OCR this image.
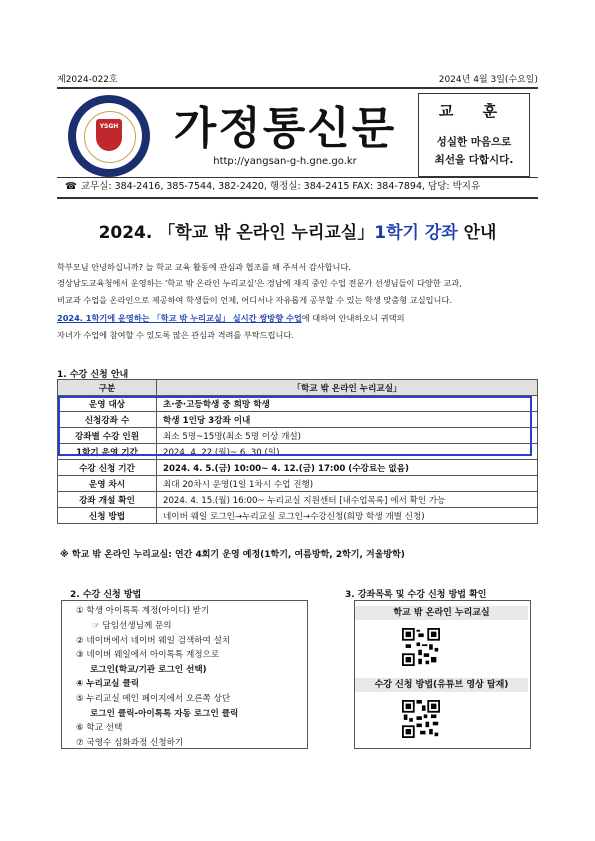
제2024-022호	2024년 4월 3일(수요일)
YSGH 가정통신문
http://yangsan-g-h.gne.go.kr
교 훈
성실한 마음으로
최선을 다합시다.
☎ 교무실: 384-2416, 385-7544, 382-2420, 행정실: 384-2415 FAX: 384-7894, 담당: 박지유
2024. 「학교 밖 온라인 누리교실」1학기 강좌 안내
학부모님 안녕하십니까? 늘 학교 교육 활동에 관심과 협조를 해 주셔서 감사합니다.
경상남도교육청에서 운영하는 '학교 밖 온라인 누리교실'은 경남에 재직 중인 수업 전문가 선생님들이 다양한 교과,
비교과 수업을 온라인으로 제공하여 학생들이 언제, 어디서나 자유롭게 공부할 수 있는 학생 맞춤형 교실입니다.
2024. 1학기에 운영하는 「학교 밖 누리교실」 실시간 쌍방향 수업에 대하여 안내하오니 귀댁의
자녀가 수업에 참여할 수 있도록 많은 관심과 격려를 부탁드립니다.
1. 수강 신청 안내
구분	「학교 밖 온라인 누리교실」
운영 대상	초·중·고등학생 중 희망 학생
신청강좌 수	학생 1인당 3강좌 이내
강좌별 수강 인원	최소 5명~15명(최소 5명 이상 개설)
1학기 운영 기간	2024. 4. 22.(월)~ 6. 30.(일)
수강 신청 기간	2024. 4. 5.(금) 10:00~ 4. 12.(금) 17:00 (수강료는 없음)
운영 차시	최대 20차시 운영(1일 1차시 수업 진행)
강좌 개설 확인	2024. 4. 15.(월) 16:00~ 누리교실 지원센터 [내수업목록] 에서 확인 가능
신청 방법	네이버 웨일 로그인→누리교실 로그인→수강신청(희망 학생 개별 신청)
※ 학교 밖 온라인 누리교실: 연간 4회기 운영 예정(1학기, 여름방학, 2학기, 겨울방학)
2. 수강 신청 방법	3. 강좌목록 및 수강 신청 방법 확인
① 학생 아이톡톡 계정(아이디) 받기
☞ 담임선생님께 문의
② 네이버에서 네이버 웨일 검색하여 설치
③ 네이버 웨일에서 아이톡톡 계정으로
로그인(학교/기관 로그인 선택)
④ 누리교실 클릭
⑤ 누리교실 메인 페이지에서 오른쪽 상단
로그인 클릭-아이톡톡 자동 로그인 클릭
⑥ 학교 선택
⑦ 국영수 심화과정 신청하기
학교 밖 온라인 누리교실
수강 신청 방법(유튜브 영상 탑재)
